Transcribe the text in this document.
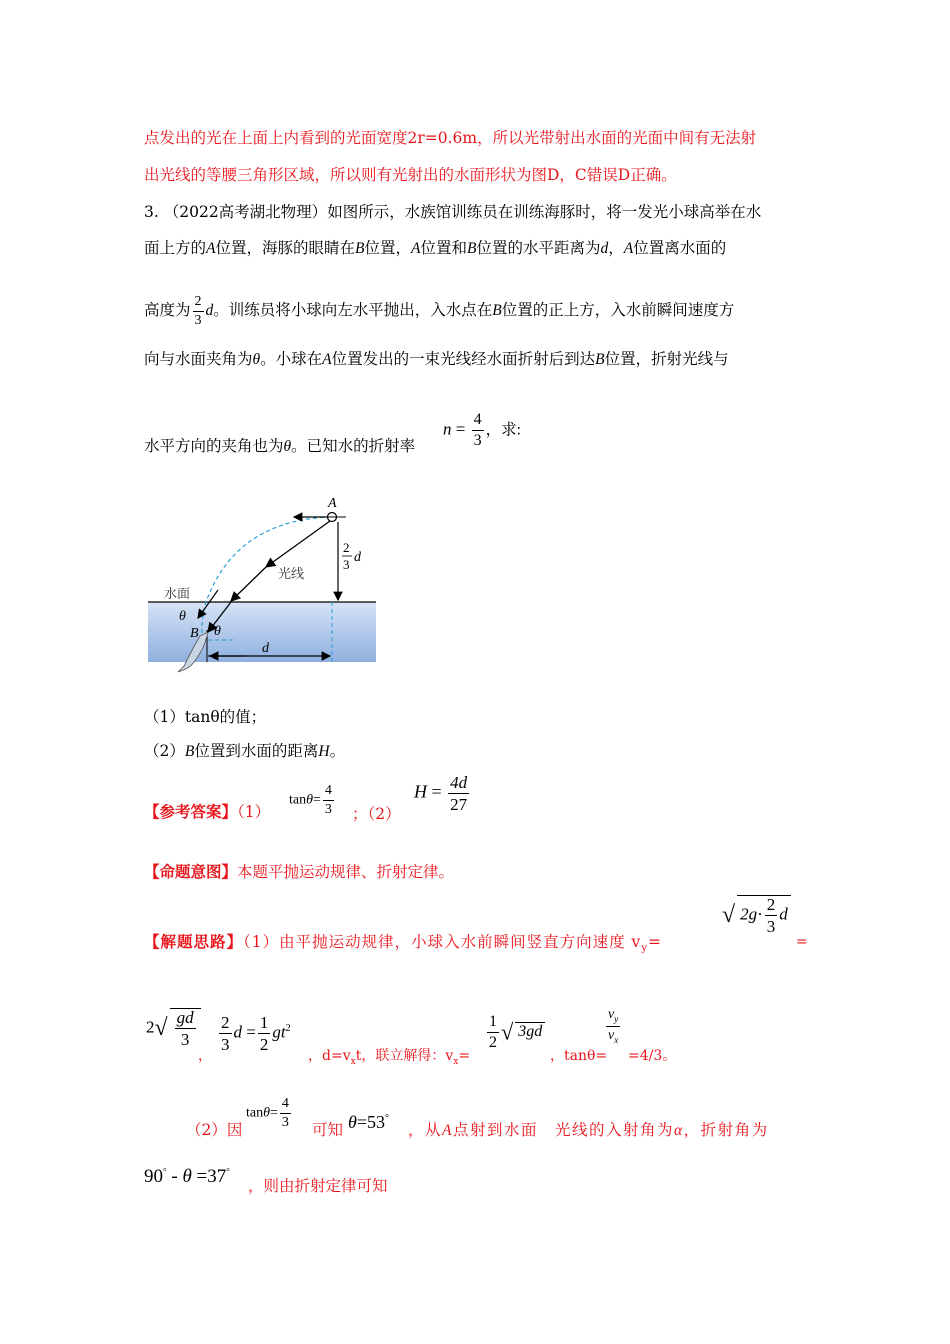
点发出的光在上面上内看到的光面宽度2r=0.6m，所以光带射出水面的光面中间有无法射
出光线的等腰三角形区域，所以则有光射出的水面形状为图D，C错误D正确。
3. （2022高考湖北物理）如图所示，水族馆训练员在训练海豚时，将一发光小球高举在水
面上方的A位置，海豚的眼睛在B位置，A位置和B位置的水平距离为d，A位置离水面的
高度为 $\frac{2}{3}$ d。训练员将小球向左水平抛出，入水点在B位置的正上方，入水前瞬间速度方
向与水面夹角为θ。小球在A位置发出的一束光线经水面折射后到达B位置，折射光线与
水平方向的夹角也为θ。已知水的折射率
$n = \frac{4}{3}$ ，求:
A
B
水面
光线
θ
θ
d
2
3 d
（1）tanθ的值；
（2）B位置到水面的距离H。
【参考答案】（1）
$\tan\theta= \frac{4}{3}$ ；（2）
$H = \frac{4d}{27}$
【命题意图】本题平抛运动规律、折射定律。
【解题思路】（1）由平抛运动规律，小球入水前瞬间竖直方向速度 $v_y=$
√ $2g\cdot \frac{2}{3}$ d
=
$2√ \frac{gd}{3}$
，
$\frac{2}{3}$ $d = \frac{1}{2} gt^2$
，$d=v_xt$，联立解得：$v_x=$
$\frac{1}{2}$ √ 3gd
，tanθ=
$\frac{v_y}{v_x}$
=4/3。
（2）因
$\tan\theta= \frac{4}{3}$ 可知 θ=53°
，从A点射到水面　光线的入射角为α，折射角为
90° - θ =37°
，则由折射定律可知
